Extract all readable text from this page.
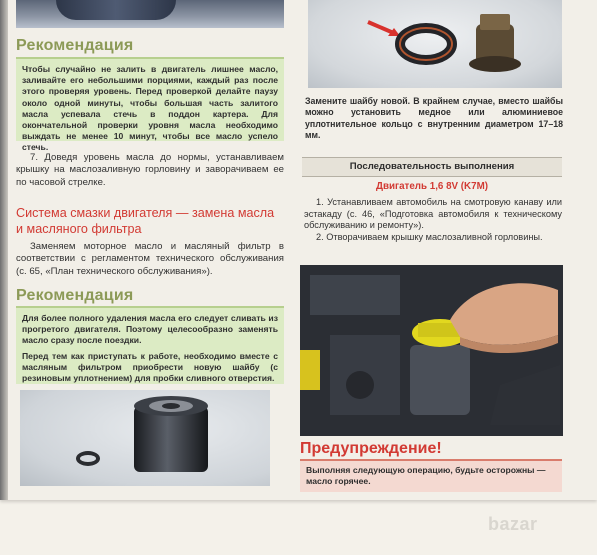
Рекомендация

Чтобы случайно не залить в двигатель лишнее масло, заливайте его небольшими порциями, каждый раз после этого проверяя уровень. Перед проверкой делайте паузу около одной минуты, чтобы большая часть залитого масла успевала стечь в поддон картера. Для окончательной проверки уровня масла необходимо выждать не менее 10 минут, чтобы все масло успело стечь.

7. Доведя уровень масла до нормы, устанавливаем крышку на маслозаливную горловину и заворачиваем ее по часовой стрелке.

Система смазки двигателя — замена масла и масляного фильтра

Заменяем моторное масло и масляный фильтр в соответствии с регламентом технического обслуживания (с. 65, «План технического обслуживания»).

Рекомендация

Для более полного удаления масла его следует сливать из прогретого двигателя. Поэтому целесообразно заменять масло сразу после поездки.

Перед тем как приступать к работе, необходимо вместе с масляным фильтром приобрести новую шайбу (с резиновым уплотнением) для пробки сливного отверстия.

Замените шайбу новой. В крайнем случае, вместо шайбы можно установить медное или алюминиевое уплотнительное кольцо с внутренним диаметром 17–18 мм.
Последовательность выполнения
Двигатель 1,6 8V (K7M)

1. Устанавливаем автомобиль на смотровую канаву или эстакаду (с. 46, «Подготовка автомобиля к техническому обслуживанию и ремонту»).

2. Отворачиваем крышку маслозаливной горловины.

Предупреждение!
Выполняя следующую операцию, будьте осторожны — масло горячее.
bazar
